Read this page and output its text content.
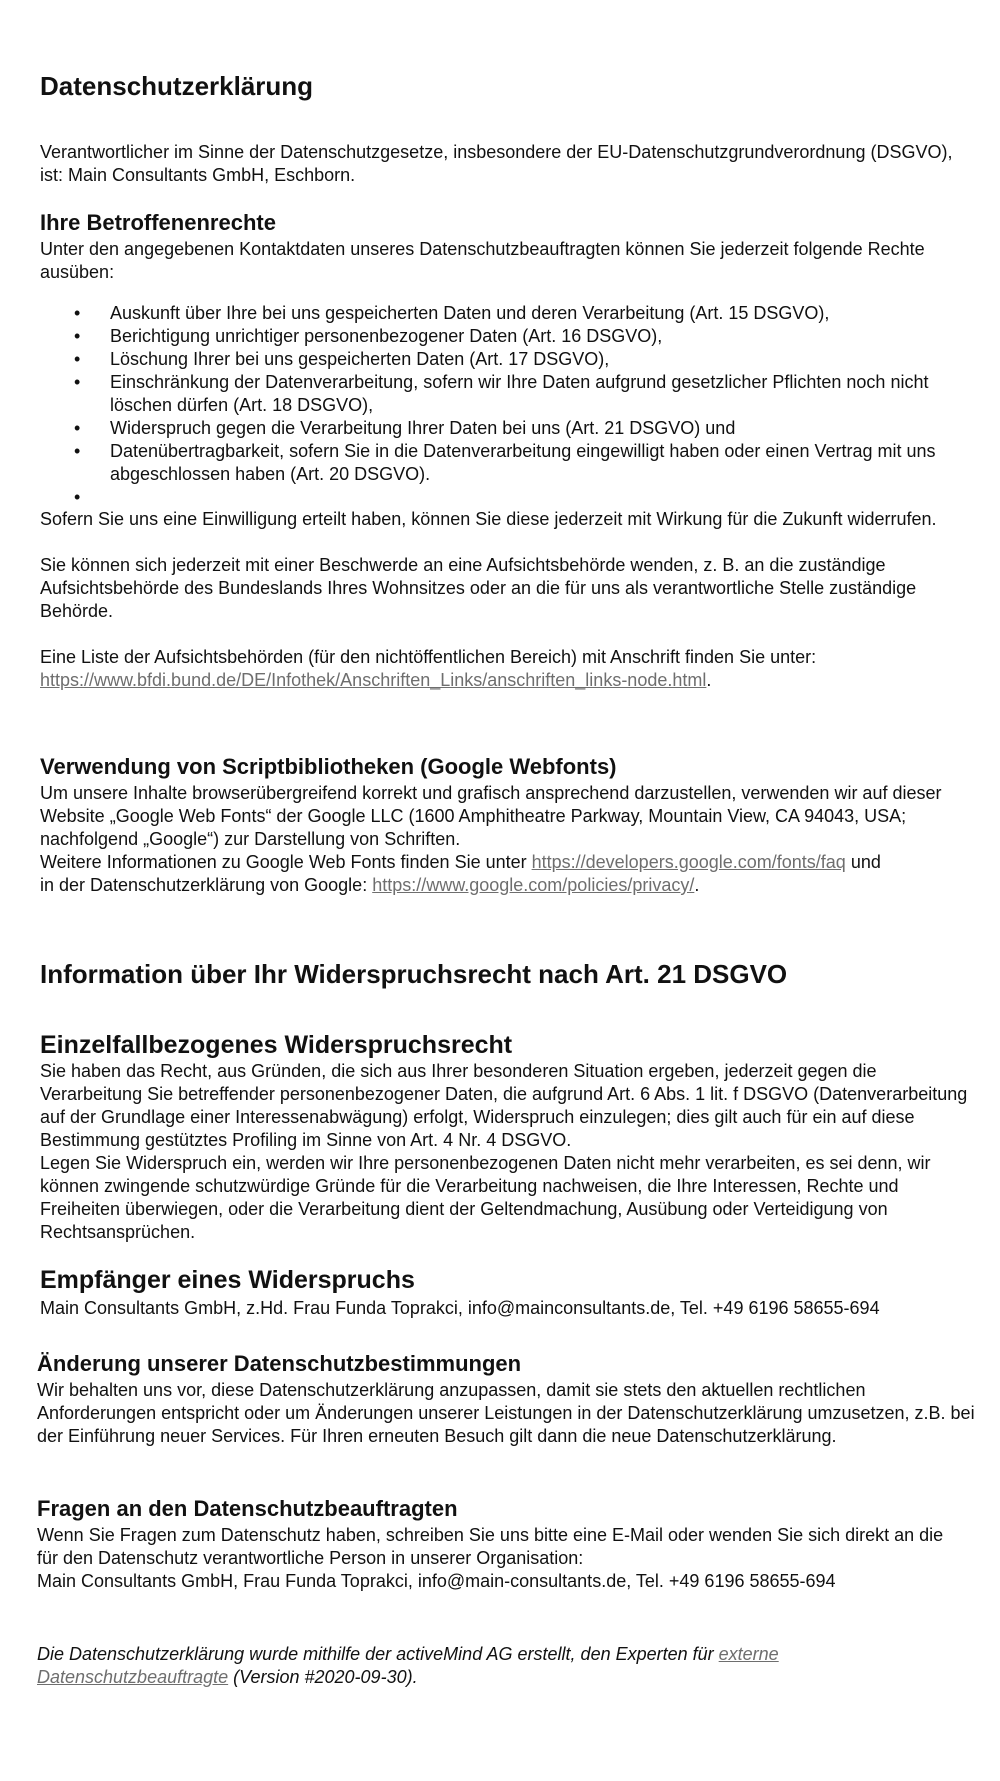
Datenschutzerklärung

Verantwortlicher im Sinne der Datenschutzgesetze, insbesondere der EU-Datenschutzgrundverordnung (DSGVO), ist: Main Consultants GmbH, Eschborn.

Ihre Betroffenenrechte

Unter den angegebenen Kontaktdaten unseres Datenschutzbeauftragten können Sie jederzeit folgende Rechte ausüben:

• Auskunft über Ihre bei uns gespeicherten Daten und deren Verarbeitung (Art. 15 DSGVO),
• Berichtigung unrichtiger personenbezogener Daten (Art. 16 DSGVO),
• Löschung Ihrer bei uns gespeicherten Daten (Art. 17 DSGVO),
• Einschränkung der Datenverarbeitung, sofern wir Ihre Daten aufgrund gesetzlicher Pflichten noch nicht löschen dürfen (Art. 18 DSGVO),
• Widerspruch gegen die Verarbeitung Ihrer Daten bei uns (Art. 21 DSGVO) und
• Datenübertragbarkeit, sofern Sie in die Datenverarbeitung eingewilligt haben oder einen Vertrag mit uns abgeschlossen haben (Art. 20 DSGVO).
•

Sofern Sie uns eine Einwilligung erteilt haben, können Sie diese jederzeit mit Wirkung für die Zukunft widerrufen.

Sie können sich jederzeit mit einer Beschwerde an eine Aufsichtsbehörde wenden, z. B. an die zuständige Aufsichtsbehörde des Bundeslands Ihres Wohnsitzes oder an die für uns als verantwortliche Stelle zuständige Behörde.

Eine Liste der Aufsichtsbehörden (für den nichtöffentlichen Bereich) mit Anschrift finden Sie unter:
https://www.bfdi.bund.de/DE/Infothek/Anschriften_Links/anschriften_links-node.html.

Verwendung von Scriptbibliotheken (Google Webfonts)

Um unsere Inhalte browserübergreifend korrekt und grafisch ansprechend darzustellen, verwenden wir auf dieser Website „Google Web Fonts“ der Google LLC (1600 Amphitheatre Parkway, Mountain View, CA 94043, USA; nachfolgend „Google“) zur Darstellung von Schriften.

Weitere Informationen zu Google Web Fonts finden Sie unter https://developers.google.com/fonts/faq und
in der Datenschutzerklärung von Google: https://www.google.com/policies/privacy/.

Information über Ihr Widerspruchsrecht nach Art. 21 DSGVO
Einzelfallbezogenes Widerspruchsrecht

Sie haben das Recht, aus Gründen, die sich aus Ihrer besonderen Situation ergeben, jederzeit gegen die Verarbeitung Sie betreffender personenbezogener Daten, die aufgrund Art. 6 Abs. 1 lit. f DSGVO (Datenverarbeitung auf der Grundlage einer Interessenabwägung) erfolgt, Widerspruch einzulegen; dies gilt auch für ein auf diese Bestimmung gestütztes Profiling im Sinne von Art. 4 Nr. 4 DSGVO.

Legen Sie Widerspruch ein, werden wir Ihre personenbezogenen Daten nicht mehr verarbeiten, es sei denn, wir können zwingende schutzwürdige Gründe für die Verarbeitung nachweisen, die Ihre Interessen, Rechte und Freiheiten überwiegen, oder die Verarbeitung dient der Geltendmachung, Ausübung oder Verteidigung von Rechtsansprüchen.

Empfänger eines Widerspruchs

Main Consultants GmbH, z.Hd. Frau Funda Toprakci, info@mainconsultants.de, Tel. +49 6196 58655-694

Änderung unserer Datenschutzbestimmungen

Wir behalten uns vor, diese Datenschutzerklärung anzupassen, damit sie stets den aktuellen rechtlichen Anforderungen entspricht oder um Änderungen unserer Leistungen in der Datenschutzerklärung umzusetzen, z.B. bei der Einführung neuer Services. Für Ihren erneuten Besuch gilt dann die neue Datenschutzerklärung.

Fragen an den Datenschutzbeauftragten

Wenn Sie Fragen zum Datenschutz haben, schreiben Sie uns bitte eine E-Mail oder wenden Sie sich direkt an die für den Datenschutz verantwortliche Person in unserer Organisation:

Main Consultants GmbH, Frau Funda Toprakci, info@main-consultants.de, Tel. +49 6196 58655-694

Die Datenschutzerklärung wurde mithilfe der activeMind AG erstellt, den Experten für externe Datenschutzbeauftragte (Version #2020-09-30).
